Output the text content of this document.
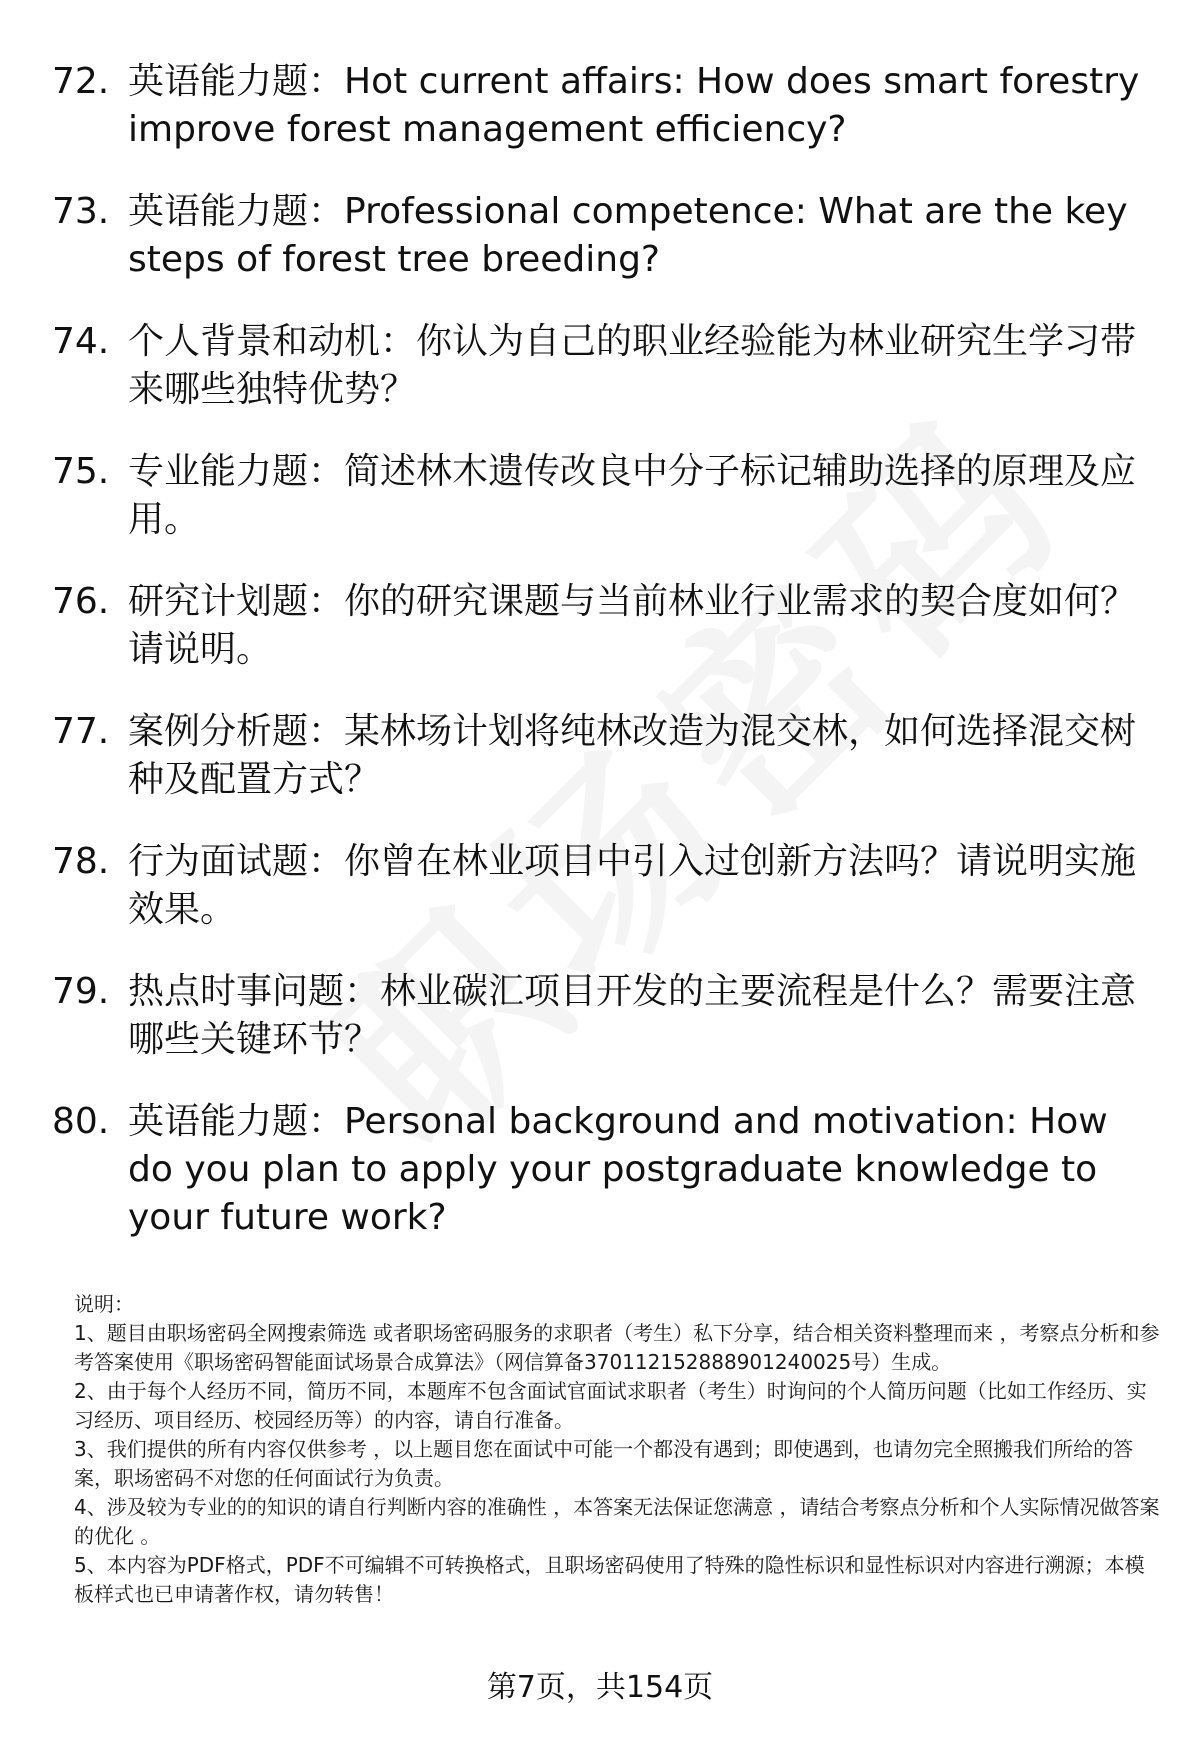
72. 英语能力题：Hot current affairs: How does smart forestry improve forest management efficiency?
73. 英语能力题：Professional competence: What are the key steps of forest tree breeding?
74. 个人背景和动机：你认为自己的职业经验能为林业研究生学习带来哪些独特优势？
75. 专业能力题：简述林木遗传改良中分子标记辅助选择的原理及应用。
76. 研究计划题：你的研究课题与当前林业行业需求的契合度如何？请说明。
77. 案例分析题：某林场计划将纯林改造为混交林，如何选择混交树种及配置方式？
78. 行为面试题：你曾在林业项目中引入过创新方法吗？请说明实施效果。
79. 热点时事问题：林业碳汇项目开发的主要流程是什么？需要注意哪些关键环节？
80. 英语能力题：Personal background and motivation: How do you plan to apply your postgraduate knowledge to your future work?

说明：

1、题目由职场密码全网搜索筛选 或者职场密码服务的求职者（考生）私下分享，结合相关资料整理而来 ，考察点分析和参考答案使用《职场密码智能面试场景合成算法》（网信算备370112152888901240025号）生成。

2、由于每个人经历不同，简历不同，本题库不包含面试官面试求职者（考生）时询问的个人简历问题（比如工作经历、实习经历、项目经历、校园经历等）的内容，请自行准备。

3、我们提供的所有内容仅供参考 ，以上题目您在面试中可能一个都没有遇到；即使遇到，也请勿完全照搬我们所给的答案，职场密码不对您的任何面试行为负责。

4、涉及较为专业的的知识的请自行判断内容的准确性 ，本答案无法保证您满意 ，请结合考察点分析和个人实际情况做答案的优化 。

5、本内容为PDF格式，PDF不可编辑不可转换格式，且职场密码使用了特殊的隐性标识和显性标识对内容进行溯源；本模板样式也已申请著作权，请勿转售！

第7页，共154页
